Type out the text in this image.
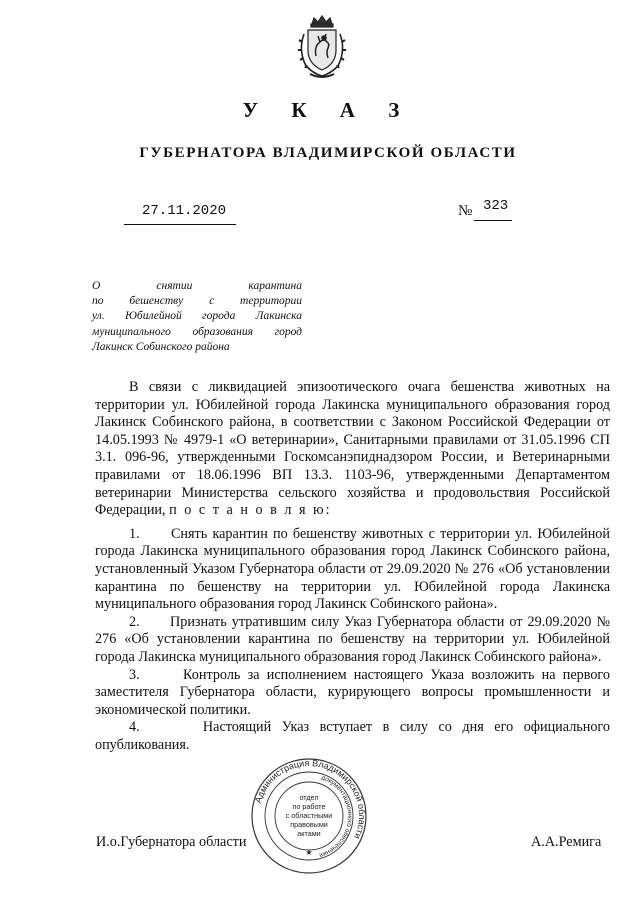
У К А З
ГУБЕРНАТОРА ВЛАДИМИРСКОЙ ОБЛАСТИ
27.11.2020	№ 323
О снятии карантина
по бешенству с территории
ул. Юбилейной города Лакинска
муниципального образования город
Лакинск Собинского района

В связи с ликвидацией эпизоотического очага бешенства животных на территории ул. Юбилейной города Лакинска муниципального образования город Лакинск Собинского района, в соответствии с Законом Российской Федерации от 14.05.1993 № 4979-1 «О ветеринарии», Санитарными правилами от 31.05.1996 СП 3.1. 096-96, утвержденными Госкомсанэпиднадзором России, и Ветеринарными правилами от 18.06.1996 ВП 13.3. 1103-96, утвержденными Департаментом ветеринарии Министерства сельского хозяйства и продовольствия Российской Федерации, п о с т а н о в л я ю:

1.      Снять карантин по бешенству животных с территории ул. Юбилейной города Лакинска муниципального образования город Лакинск Собинского района, установленный Указом Губернатора области от 29.09.2020 № 276 «Об установлении карантина по бешенству на территории ул. Юбилейной города Лакинска муниципального образования город Лакинск Собинского района».

2.      Признать утратившим силу Указ Губернатора области от 29.09.2020 № 276 «Об установлении карантина по бешенству на территории ул. Юбилейной города Лакинска муниципального образования город Лакинск Собинского района».

3.      Контроль за исполнением настоящего Указа возложить на первого заместителя Губернатора области, курирующего вопросы промышленности и экономической политики.

4.      Настоящий Указ вступает в силу со дня его официального опубликования.

И.о.Губернатора области	А.А.Ремига
Администрация Владимирской области
документационного обеспечения
отдел
по работе
с областными
правовыми
актами
★
